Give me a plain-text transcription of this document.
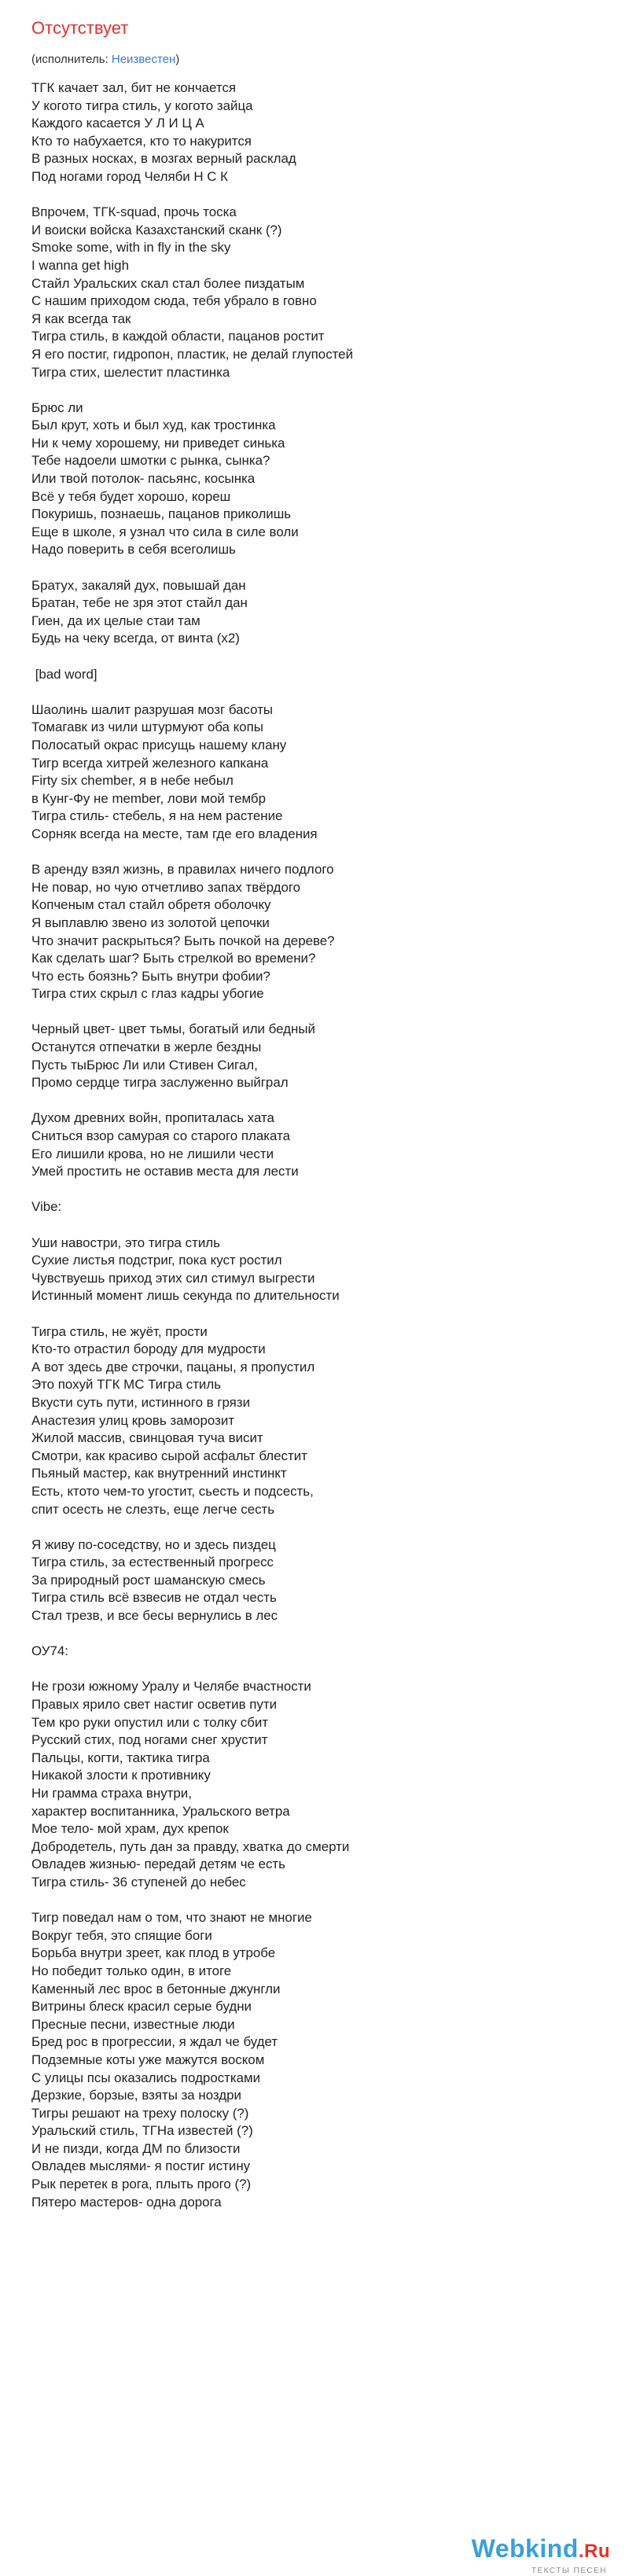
Отсутствует
(исполнитель: Неизвестен)
ТГК качает зал, бит не кончается
У когото тигра стиль, у когото зайца
Каждого касается У Л И Ц А
Кто то набухается, кто то накурится
В разных носках, в мозгах верный расклад
Под ногами город Челяби Н С К
Впрочем, ТГК-squad, прочь тоска
И воиски войска Казахстанский сканк (?)
Smoke some, with in fly in the sky
I wanna get high
Стайл Уральских скал стал более пиздатым
С нашим приходом сюда, тебя убрало в говно
Я как всегда так
Тигра стиль, в каждой области, пацанов ростит
Я его постиг, гидропон, пластик, не делай глупостей
Тигра стих, шелестит пластинка
Брюс ли
Был крут, хоть и был худ, как тростинка
Ни к чему хорошему, ни приведет синька
Тебе надоели шмотки с рынка, сынка?
Или твой потолок- пасьянс, косынка
Всё у тебя будет хорошо, кореш
Покуришь, познаешь, пацанов приколишь
Еще в школе, я узнал что сила в силе воли
Надо поверить в себя всеголишь
Братух, закаляй дух, повышай дан
Братан, тебе не зря этот стайл дан
Гиен, да их целые стаи там
Будь на чеку всегда, от винта (x2)
[bad word]
Шаолинь шалит разрушая мозг басоты
Томагавк из чили штурмуют оба копы
Полосатый окрас присущь нашему клану
Тигр всегда хитрей железного капкана
Firty six chember, я в небе небыл
в Кунг-Фу не member, лови мой тембр
Тигра стиль- стебель, я на нем растение
Сорняк всегда на месте, там где его владения
В аренду взял жизнь, в правилах ничего подлого
Не повар, но чую отчетливо запах твёрдого
Копченым стал стайл обретя оболочку
Я выплавлю звено из золотой цепочки
Что значит раскрыться? Быть почкой на дереве?
Как сделать шаг? Быть стрелкой во времени?
Что есть боязнь? Быть внутри фобии?
Тигра стих скрыл с глаз кадры убогие
Черный цвет- цвет тьмы, богатый или бедный
Останутся отпечатки в жерле бездны
Пусть тыБрюс Ли или Стивен Сигал,
Промо сердце тигра заслуженно выйграл
Духом древних войн, пропиталась хата
Сниться взор самурая со старого плаката
Его лишили крова, но не лишили чести
Умей простить не оставив места для лести
Vibe:
Уши навостри, это тигра стиль
Сухие листья подстриг, пока куст ростил
Чувствуешь приход этих сил стимул выгрести
Истинный момент лишь секунда по длительности
Тигра стиль, не жуёт, прости
Кто-то отрастил бороду для мудрости
А вот здесь две строчки, пацаны, я пропустил
Это похуй ТГК МС Тигра стиль
Вкусти суть пути, истинного в грязи
Анастезия улиц кровь заморозит
Жилой массив, свинцовая туча висит
Смотри, как красиво сырой асфальт блестит
Пьяный мастер, как внутренний инстинкт
Есть, ктото чем-то угостит, сьесть и подсесть,
спит осесть не слезть, еще легче сесть
Я живу по-соседству, но и здесь пиздец
Тигра стиль, за естественный прогресс
За природный рост шаманскую смесь
Тигра стиль всё взвесив не отдал честь
Стал трезв, и все бесы вернулись в лес
ОУ74:
Не грози южному Уралу и Челябе вчастности
Правых ярило свет настиг осветив пути
Тем кро руки опустил или с толку сбит
Русский стих, под ногами снег хрустит
Пальцы, когти, тактика тигра
Никакой злости к противнику
Ни грамма страха внутри,
характер воспитанника, Уральского ветра
Мое тело- мой храм, дух крепок
Добродетель, путь дан за правду, хватка до смерти
Овладев жизнью- передай детям че есть
Тигра стиль- 36 ступеней до небес
Тигр поведал нам о том, что знают не многие
Вокруг тебя, это спящие боги
Борьба внутри зреет, как плод в утробе
Но победит только один, в итоге
Каменный лес врос в бетонные джунгли
Витрины блеск красил серые будни
Пресные песни, известные люди
Бред рос в прогрессии, я ждал че будет
Подземные коты уже мажутся воском
С улицы псы оказались подростками
Дерзкие, борзые, взяты за ноздри
Тигры решают на треху полоску (?)
Уральский стиль, ТГНа известей (?)
И не пизди, когда ДМ по близости
Овладев мыслями- я постиг истину
Рык перетек в рога, плыть прого (?)
Пятеро мастеров- одна дорога
Webkind.Ru
ТЕКСТЫ ПЕСЕН
